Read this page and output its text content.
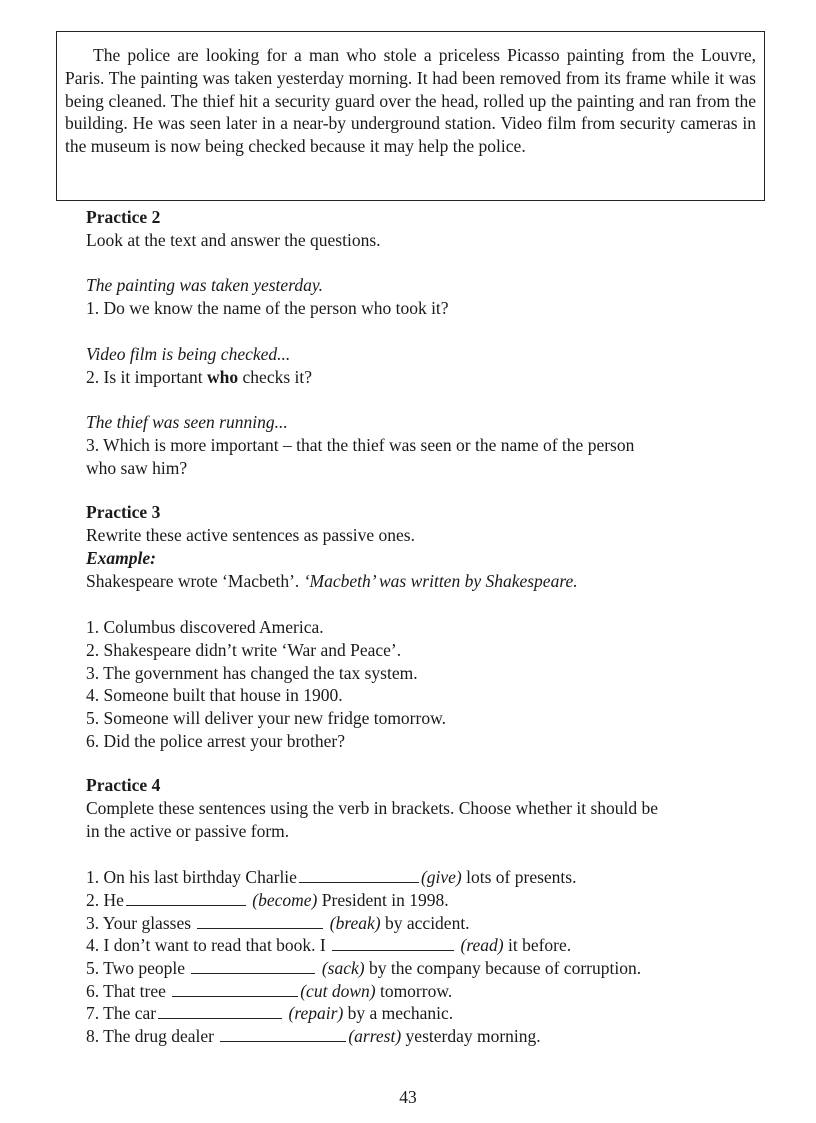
The police are looking for a man who stole a priceless Picasso painting from the Louvre, Paris. The painting was taken yesterday morning. It had been removed from its frame while it was being cleaned. The thief hit a security guard over the head, rolled up the painting and ran from the building. He was seen later in a near-by underground station. Video film from security cameras in the museum is now being checked because it may help the police.

Practice 2
Look at the text and answer the questions.
The painting was taken yesterday.
1. Do we know the name of the person who took it?
Video film is being checked...
2. Is it important who checks it?
The thief was seen running...
3. Which is more important – that the thief was seen or the name of the person
who saw him?
Practice 3
Rewrite these active sentences as passive ones.
Example:
Shakespeare wrote ‘Macbeth’. ‘Macbeth’ was written by Shakespeare.
1. Columbus discovered America.
2. Shakespeare didn’t write ‘War and Peace’.
3. The government has changed the tax system.
4. Someone built that house in 1900.
5. Someone will deliver your new fridge tomorrow.
6. Did the police arrest your brother?
Practice 4
Complete these sentences using the verb in brackets. Choose whether it should be
in the active or passive form.
1. On his last birthday Charlie	(give) lots of presents.
2. He	(become) President in 1998.
3. Your glasses	(break) by accident.
4. I don’t want to read that book. I	(read) it before.
5. Two people	(sack) by the company because of corruption.
6. That tree	(cut down) tomorrow.
7. The car	(repair) by a mechanic.
8. The drug dealer	(arrest) yesterday morning.
43
